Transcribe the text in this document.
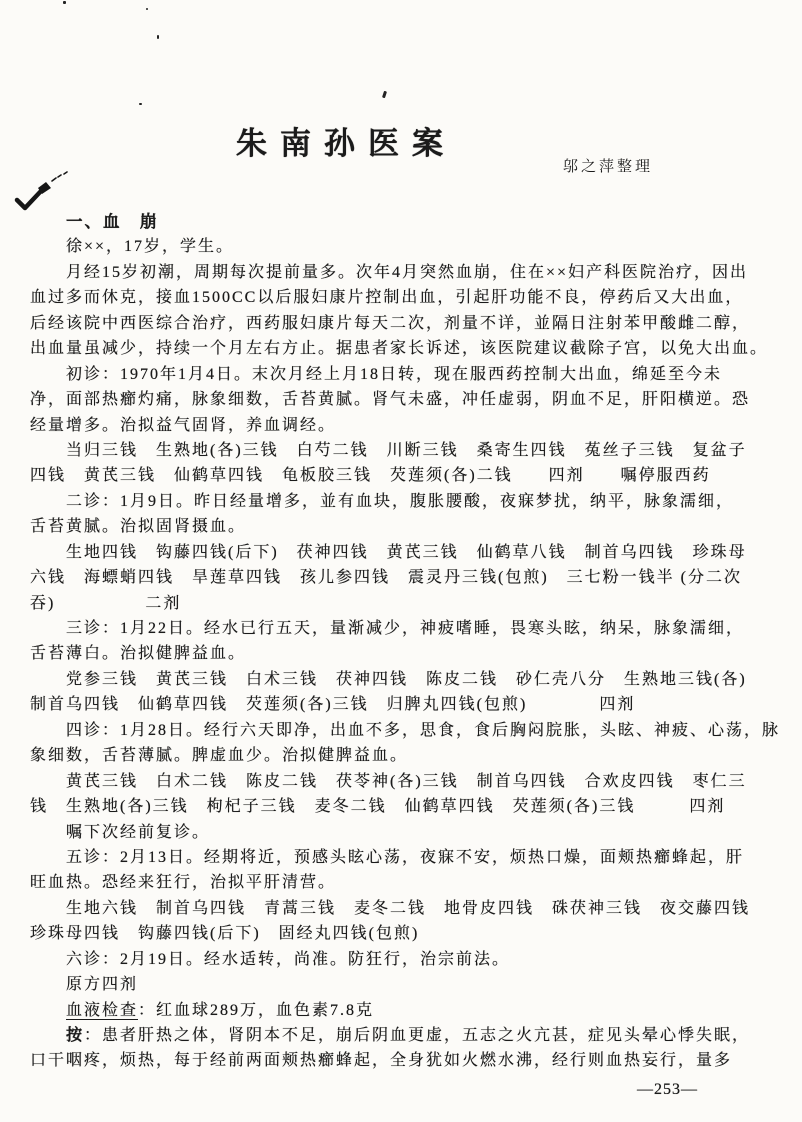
朱南孙医案
邬之萍整理
一、血　崩
徐××，17岁，学生。
月经15岁初潮，周期每次提前量多。次年4月突然血崩，住在××妇产科医院治疗，因出
血过多而休克，接血1500CC以后服妇康片控制出血，引起肝功能不良，停药后又大出血，
后经该院中西医综合治疗，西药服妇康片每天二次，剂量不详，並隔日注射苯甲酸雌二醇，
出血量虽减少，持续一个月左右方止。据患者家长诉述，该医院建议截除子宫，以免大出血。
初诊：1970年1月4日。末次月经上月18日转，现在服西药控制大出血，绵延至今未
净，面部热癤灼痛，脉象细数，舌苔黄腻。肾气未盛，冲任虚弱，阴血不足，肝阳横逆。恐
经量增多。治拟益气固肾，养血调经。
当归三钱　生熟地(各)三钱　白芍二钱　川断三钱　桑寄生四钱　菟丝子三钱　复盆子
四钱　黄芪三钱　仙鹤草四钱　龟板胶三钱　芡莲须(各)二钱　　四剂　　嘱停服西药
二诊：1月9日。昨日经量增多，並有血块，腹胀腰酸，夜寐梦扰，纳平，脉象濡细，
舌苔黄腻。治拟固肾摄血。
生地四钱　钩藤四钱(后下)　茯神四钱　黄芪三钱　仙鹤草八钱　制首乌四钱　珍珠母
六钱　海螵蛸四钱　旱莲草四钱　孩儿参四钱　震灵丹三钱(包煎)　三七粉一钱半 (分二次
吞)　　　　　二剂
三诊：1月22日。经水已行五天，量渐减少，神疲嗜睡，畏寒头眩，纳呆，脉象濡细，
舌苔薄白。治拟健脾益血。
党参三钱　黄芪三钱　白术三钱　茯神四钱　陈皮二钱　砂仁壳八分　生熟地三钱(各)
制首乌四钱　仙鹤草四钱　芡莲须(各)三钱　归脾丸四钱(包煎)　　　　四剂
四诊：1月28日。经行六天即净，出血不多，思食，食后胸闷脘胀，头眩、神疲、心荡，脉
象细数，舌苔薄腻。脾虚血少。治拟健脾益血。
黄芪三钱　白术二钱　陈皮二钱　茯苓神(各)三钱　制首乌四钱　合欢皮四钱　枣仁三
钱　生熟地(各)三钱　枸杞子三钱　麦冬二钱　仙鹤草四钱　芡莲须(各)三钱　　　四剂
嘱下次经前复诊。
五诊：2月13日。经期将近，预感头眩心荡，夜寐不安，烦热口燥，面颊热癤蜂起，肝
旺血热。恐经来狂行，治拟平肝清营。
生地六钱　制首乌四钱　青蒿三钱　麦冬二钱　地骨皮四钱　硃茯神三钱　夜交藤四钱
珍珠母四钱　钩藤四钱(后下)　固经丸四钱(包煎)
六诊：2月19日。经水适转，尚准。防狂行，治宗前法。
原方四剂
血液检查：红血球289万，血色素7.8克
按：患者肝热之体，肾阴本不足，崩后阴血更虚，五志之火亢甚，症见头晕心悸失眠，
口干咽疼，烦热，每于经前两面颊热癤蜂起，全身犹如火燃水沸，经行则血热妄行，量多
—253—
